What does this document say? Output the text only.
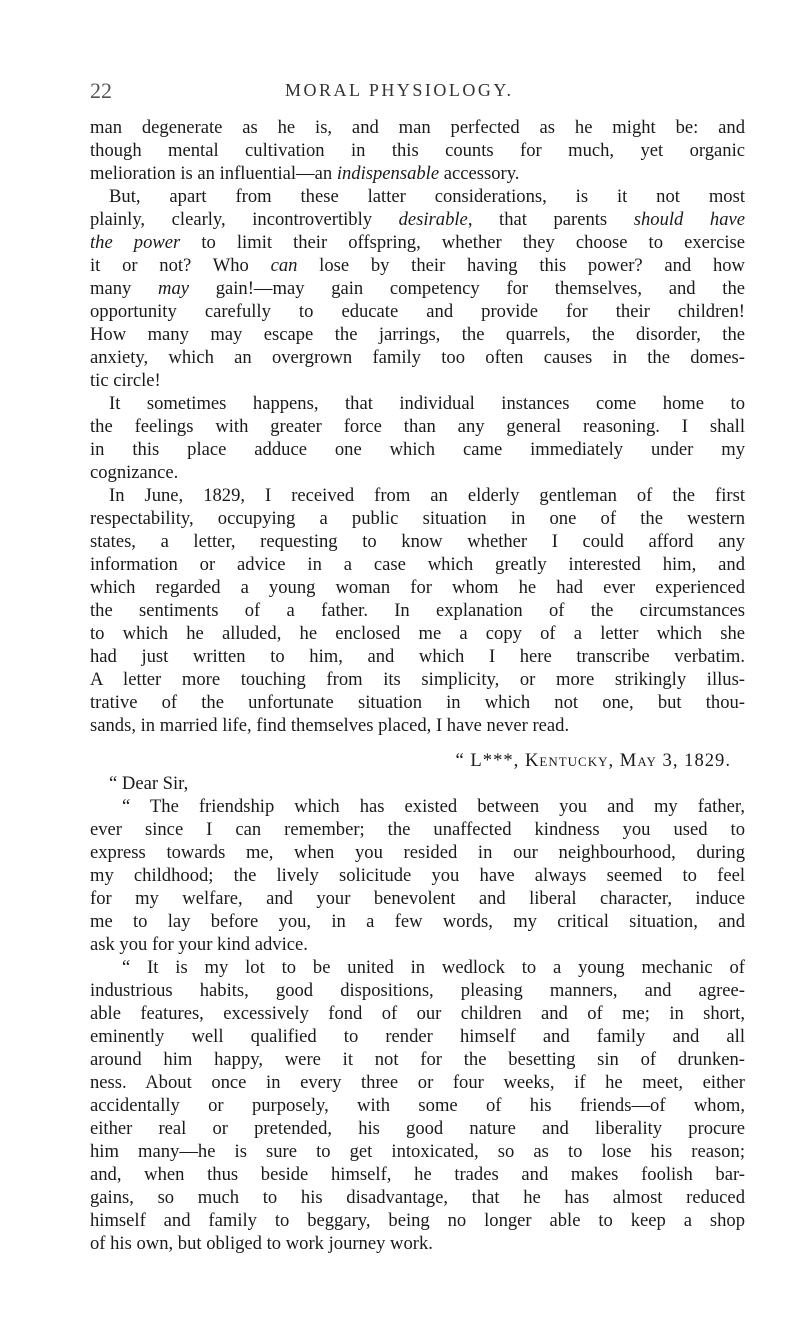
22	MORAL PHYSIOLOGY.
man degenerate as he is, and man perfected as he might be: and
though mental cultivation in this counts for much, yet organic
melioration is an influential—an indispensable accessory.
But, apart from these latter considerations, is it not most
plainly, clearly, incontrovertibly desirable, that parents should have
the power to limit their offspring, whether they choose to exercise
it or not? Who can lose by their having this power? and how
many may gain!—may gain competency for themselves, and the
opportunity carefully to educate and provide for their children!
How many may escape the jarrings, the quarrels, the disorder, the
anxiety, which an overgrown family too often causes in the domes-
tic circle!
It sometimes happens, that individual instances come home to
the feelings with greater force than any general reasoning. I shall
in this place adduce one which came immediately under my
cognizance.
In June, 1829, I received from an elderly gentleman of the first
respectability, occupying a public situation in one of the western
states, a letter, requesting to know whether I could afford any
information or advice in a case which greatly interested him, and
which regarded a young woman for whom he had ever experienced
the sentiments of a father. In explanation of the circumstances
to which he alluded, he enclosed me a copy of a letter which she
had just written to him, and which I here transcribe verbatim.
A letter more touching from its simplicity, or more strikingly illus-
trative of the unfortunate situation in which not one, but thou-
sands, in married life, find themselves placed, I have never read.
“ L***, Kentucky, May 3, 1829.
“ Dear Sir,
“ The friendship which has existed between you and my father,
ever since I can remember; the unaffected kindness you used to
express towards me, when you resided in our neighbourhood, during
my childhood; the lively solicitude you have always seemed to feel
for my welfare, and your benevolent and liberal character, induce
me to lay before you, in a few words, my critical situation, and
ask you for your kind advice.
“ It is my lot to be united in wedlock to a young mechanic of
industrious habits, good dispositions, pleasing manners, and agree-
able features, excessively fond of our children and of me; in short,
eminently well qualified to render himself and family and all
around him happy, were it not for the besetting sin of drunken-
ness. About once in every three or four weeks, if he meet, either
accidentally or purposely, with some of his friends—of whom,
either real or pretended, his good nature and liberality procure
him many—he is sure to get intoxicated, so as to lose his reason;
and, when thus beside himself, he trades and makes foolish bar-
gains, so much to his disadvantage, that he has almost reduced
himself and family to beggary, being no longer able to keep a shop
of his own, but obliged to work journey work.
